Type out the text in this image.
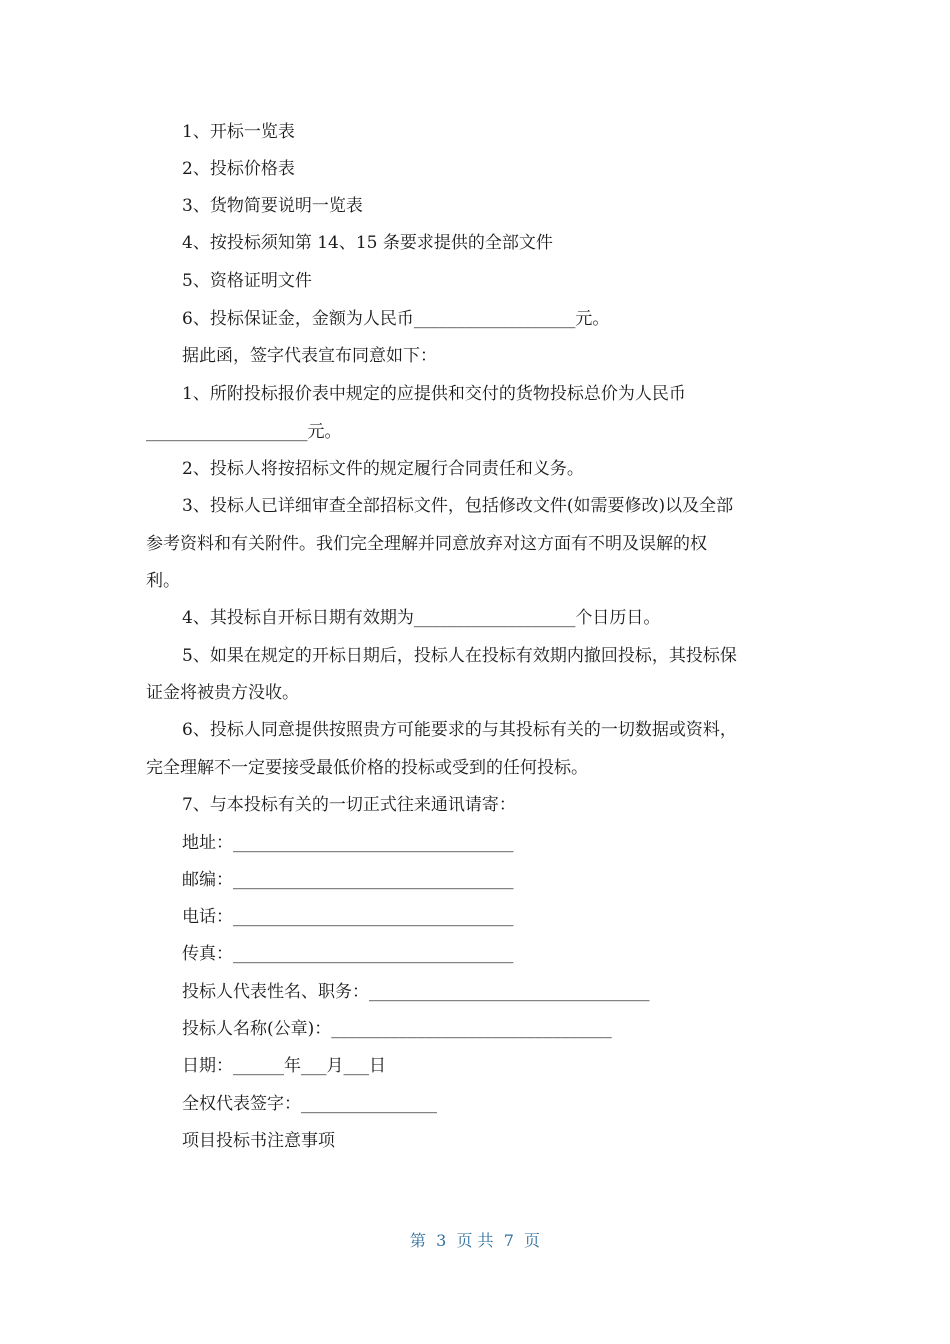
1、开标一览表
2、投标价格表
3、货物简要说明一览表
4、按投标须知第 14、15 条要求提供的全部文件
5、资格证明文件
6、投标保证金，金额为人民币___________________元。
据此函，签字代表宣布同意如下：
1、所附投标报价表中规定的应提供和交付的货物投标总价为人民币
___________________元。
2、投标人将按招标文件的规定履行合同责任和义务。
3、投标人已详细审查全部招标文件，包括修改文件(如需要修改)以及全部
参考资料和有关附件。我们完全理解并同意放弃对这方面有不明及误解的权
利。
4、其投标自开标日期有效期为___________________个日历日。
5、如果在规定的开标日期后，投标人在投标有效期内撤回投标，其投标保
证金将被贵方没收。
6、投标人同意提供按照贵方可能要求的与其投标有关的一切数据或资料，
完全理解不一定要接受最低价格的投标或受到的任何投标。
7、与本投标有关的一切正式往来通讯请寄：
地址：_________________________________
邮编：_________________________________
电话：_________________________________
传真：_________________________________
投标人代表性名、职务：_________________________________
投标人名称(公章)：_________________________________
日期：______年___月___日
全权代表签字：________________
项目投标书注意事项
第  3  页 共  7  页
